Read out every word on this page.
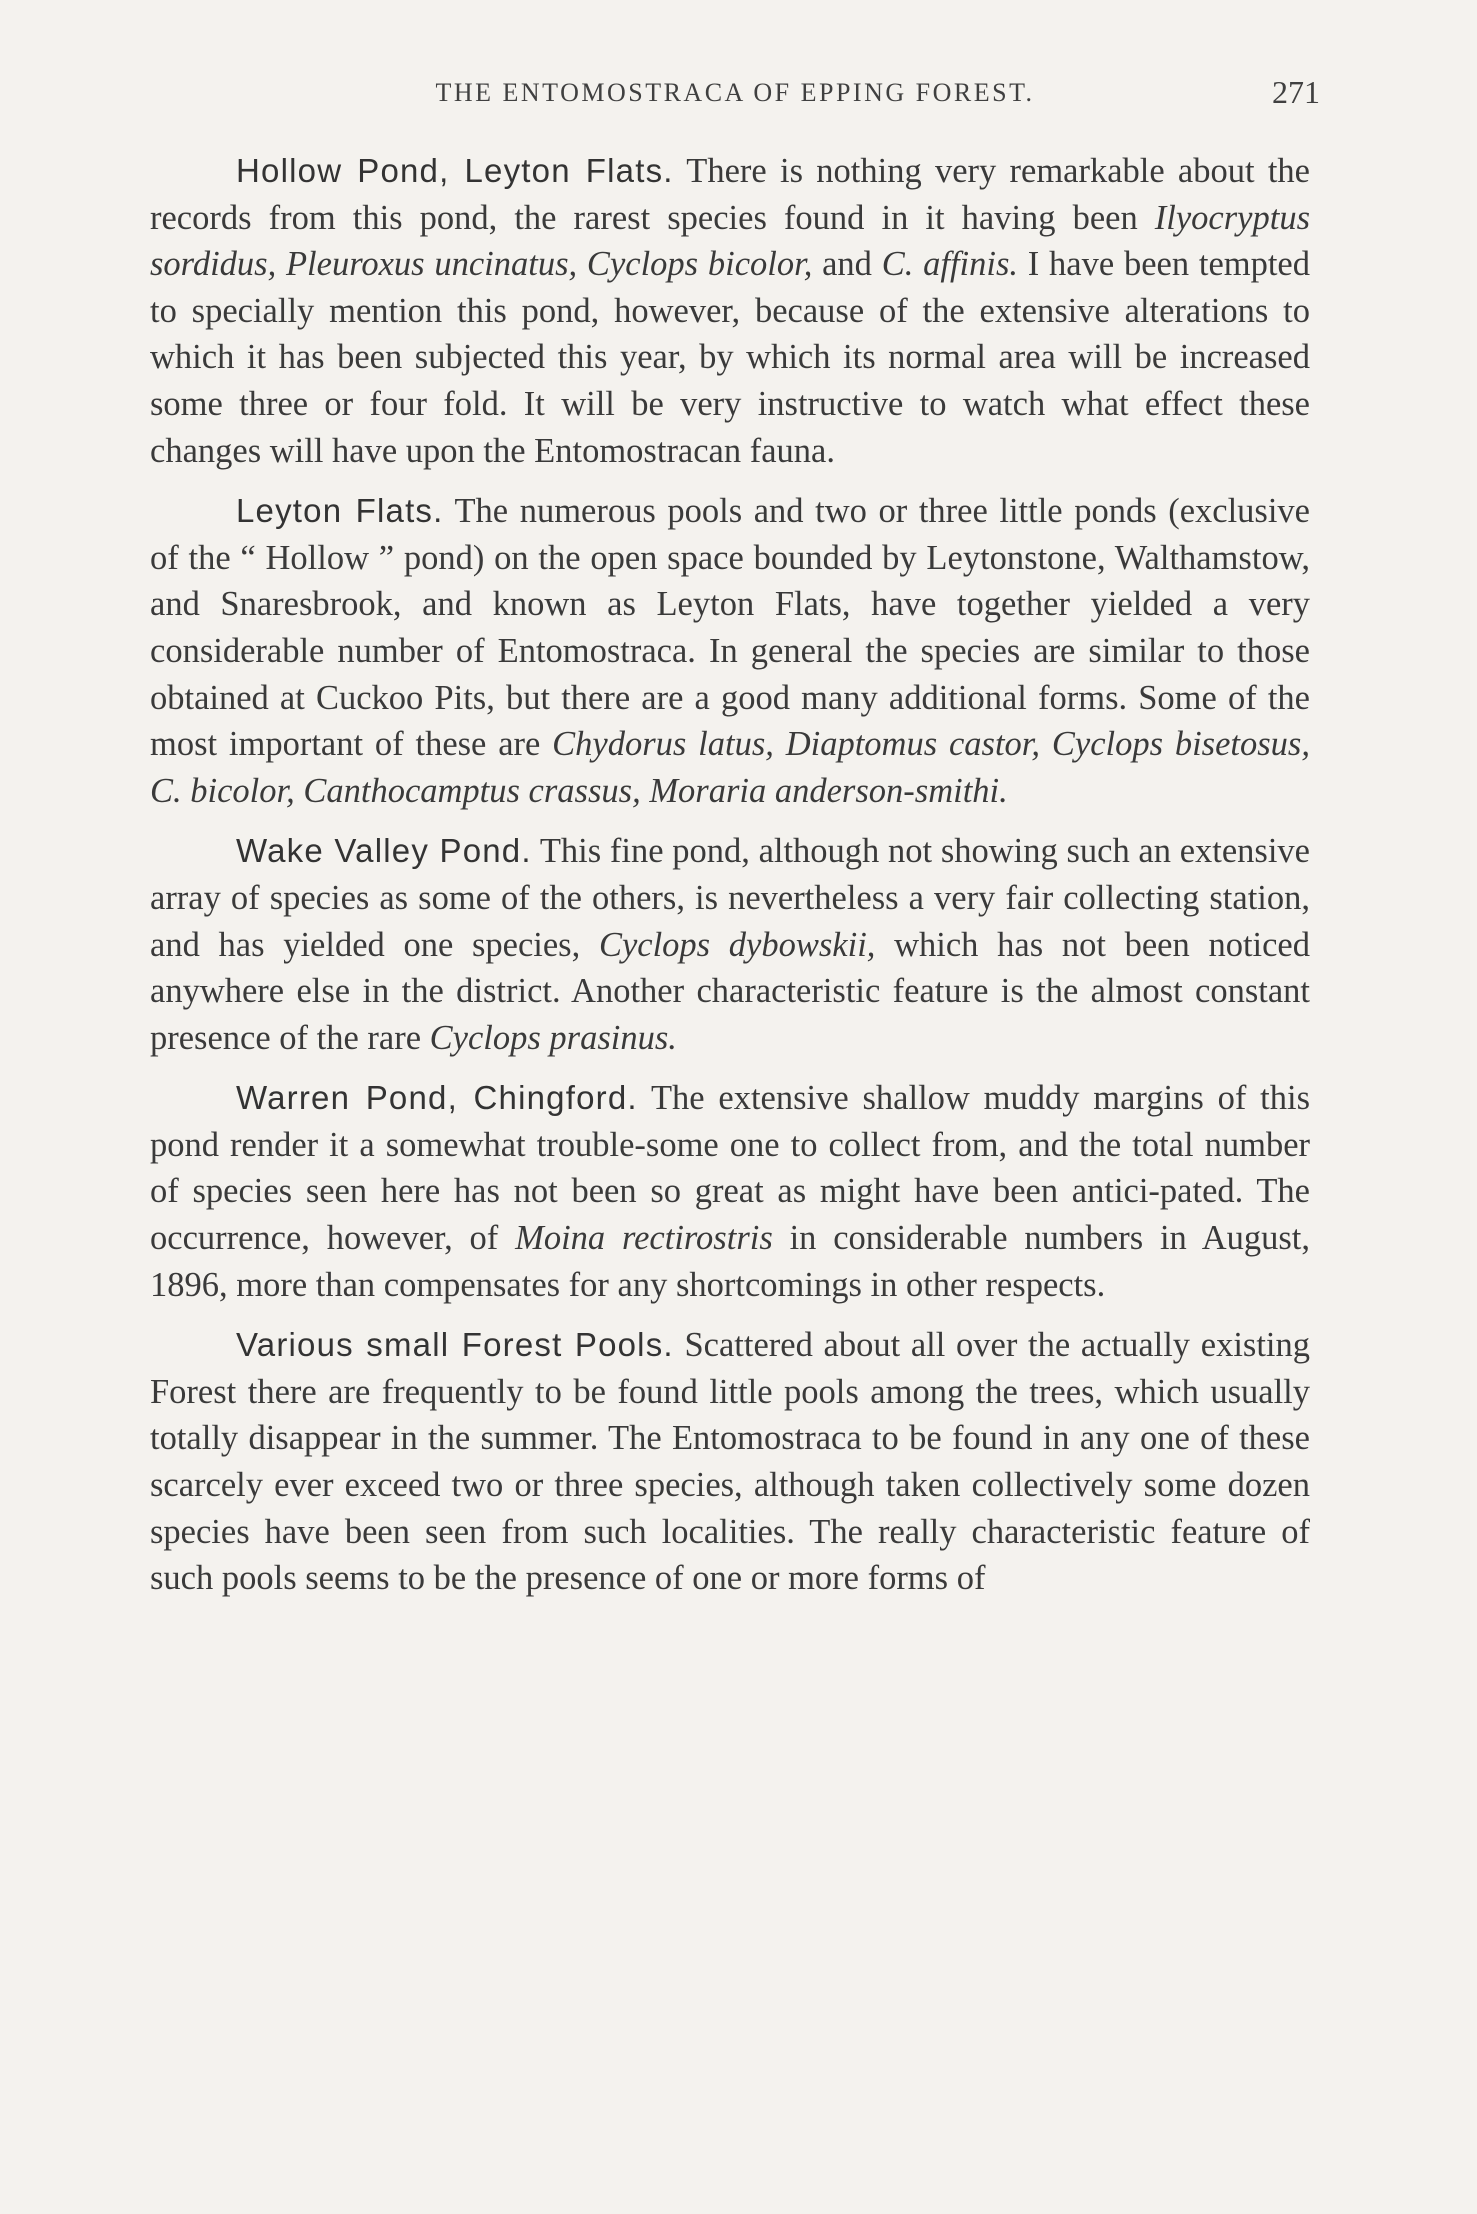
THE ENTOMOSTRACA OF EPPING FOREST.	271

Hollow Pond, Leyton Flats. There is nothing very remarkable about the records from this pond, the rarest species found in it having been Ilyocryptus sordidus, Pleuroxus uncinatus, Cyclops bicolor, and C. affinis. I have been tempted to specially mention this pond, however, because of the extensive alterations to which it has been subjected this year, by which its normal area will be increased some three or four fold. It will be very instructive to watch what effect these changes will have upon the Entomostracan fauna.

Leyton Flats. The numerous pools and two or three little ponds (exclusive of the “ Hollow ” pond) on the open space bounded by Leytonstone, Walthamstow, and Snaresbrook, and known as Leyton Flats, have together yielded a very considerable number of Entomostraca. In general the species are similar to those obtained at Cuckoo Pits, but there are a good many additional forms. Some of the most important of these are Chydorus latus, Diaptomus castor, Cyclops bisetosus, C. bicolor, Canthocamptus crassus, Moraria anderson-smithi.

Wake Valley Pond. This fine pond, although not showing such an extensive array of species as some of the others, is nevertheless a very fair collecting station, and has yielded one species, Cyclops dybowskii, which has not been noticed anywhere else in the district. Another characteristic feature is the almost constant presence of the rare Cyclops prasinus.

Warren Pond, Chingford. The extensive shallow muddy margins of this pond render it a somewhat trouble-some one to collect from, and the total number of species seen here has not been so great as might have been antici-pated. The occurrence, however, of Moina rectirostris in considerable numbers in August, 1896, more than compensates for any shortcomings in other respects.

Various small Forest Pools. Scattered about all over the actually existing Forest there are frequently to be found little pools among the trees, which usually totally disappear in the summer. The Entomostraca to be found in any one of these scarcely ever exceed two or three species, although taken collectively some dozen species have been seen from such localities. The really characteristic feature of such pools seems to be the presence of one or more forms of
